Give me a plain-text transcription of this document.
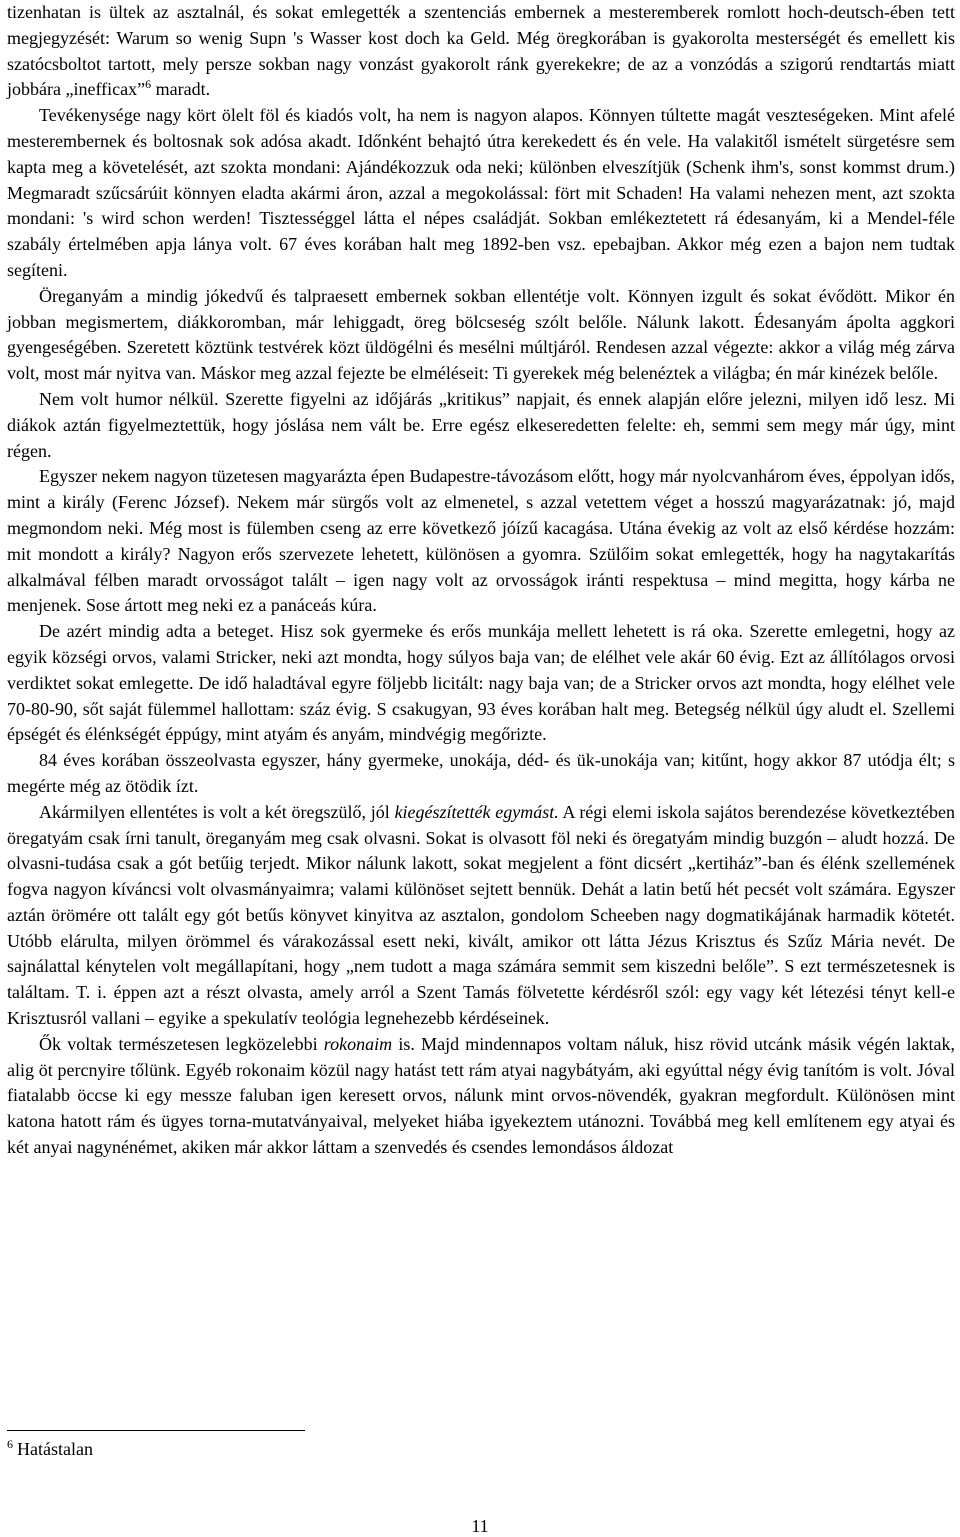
tizenhatan is ültek az asztalnál, és sokat emlegették a szentenciás embernek a mesteremberek romlott hoch-deutsch-ében tett megjegyzését: Warum so wenig Supn 's Wasser kost doch ka Geld. Még öregkorában is gyakorolta mesterségét és emellett kis szatócsboltot tartott, mely persze sokban nagy vonzást gyakorolt ránk gyerekekre; de az a vonzódás a szigorú rendtartás miatt jobbára „inefficax”$^6$ maradt.

Tevékenysége nagy kört ölelt föl és kiadós volt, ha nem is nagyon alapos. Könnyen túltette magát veszteségeken. Mint afelé mesterembernek és boltosnak sok adósa akadt. Időnként behajtó útra kerekedett és én vele. Ha valakitől ismételt sürgetésre sem kapta meg a követelését, azt szokta mondani: Ajándékozzuk oda neki; különben elveszítjük (Schenk ihm's, sonst kommst drum.) Megmaradt szűcsárúit könnyen eladta akármi áron, azzal a megokolással: fört mit Schaden! Ha valami nehezen ment, azt szokta mondani: 's wird schon werden! Tisztességgel látta el népes családját. Sokban emlékeztetett rá édesanyám, ki a Mendel-féle szabály értelmében apja lánya volt. 67 éves korában halt meg 1892-ben vsz. epebajban. Akkor még ezen a bajon nem tudtak segíteni.

Öreganyám a mindig jókedvű és talpraesett embernek sokban ellentétje volt. Könnyen izgult és sokat évődött. Mikor én jobban megismertem, diákkoromban, már lehiggadt, öreg bölcseség szólt belőle. Nálunk lakott. Édesanyám ápolta aggkori gyengeségében. Szeretett köztünk testvérek közt üldögélni és mesélni múltjáról. Rendesen azzal végezte: akkor a világ még zárva volt, most már nyitva van. Máskor meg azzal fejezte be elméléseit: Ti gyerekek még belenéztek a világba; én már kinézek belőle.

Nem volt humor nélkül. Szerette figyelni az időjárás „kritikus” napjait, és ennek alapján előre jelezni, milyen idő lesz. Mi diákok aztán figyelmeztettük, hogy jóslása nem vált be. Erre egész elkeseredetten felelte: eh, semmi sem megy már úgy, mint régen.

Egyszer nekem nagyon tüzetesen magyarázta épen Budapestre-távozásom előtt, hogy már nyolcvanhárom éves, éppolyan idős, mint a király (Ferenc József). Nekem már sürgős volt az elmenetel, s azzal vetettem véget a hosszú magyarázatnak: jó, majd megmondom neki. Még most is fülemben cseng az erre következő jóízű kacagása. Utána évekig az volt az első kérdése hozzám: mit mondott a király? Nagyon erős szervezete lehetett, különösen a gyomra. Szülőim sokat emlegették, hogy ha nagytakarítás alkalmával félben maradt orvosságot talált – igen nagy volt az orvosságok iránti respektusa – mind megitta, hogy kárba ne menjenek. Sose ártott meg neki ez a panáceás kúra.

De azért mindig adta a beteget. Hisz sok gyermeke és erős munkája mellett lehetett is rá oka. Szerette emlegetni, hogy az egyik községi orvos, valami Stricker, neki azt mondta, hogy súlyos baja van; de elélhet vele akár 60 évig. Ezt az állítólagos orvosi verdiktet sokat emlegette. De idő haladtával egyre följebb licitált: nagy baja van; de a Stricker orvos azt mondta, hogy elélhet vele 70-80-90, sőt saját fülemmel hallottam: száz évig. S csakugyan, 93 éves korában halt meg. Betegség nélkül úgy aludt el. Szellemi épségét és élénkségét éppúgy, mint atyám és anyám, mindvégig megőrizte.

84 éves korában összeolvasta egyszer, hány gyermeke, unokája, déd- és ük-unokája van; kitűnt, hogy akkor 87 utódja élt; s megérte még az ötödik ízt.

Akármilyen ellentétes is volt a két öregszülő, jól kiegészítették egymást. A régi elemi iskola sajátos berendezése következtében öregatyám csak írni tanult, öreganyám meg csak olvasni. Sokat is olvasott föl neki és öregatyám mindig buzgón – aludt hozzá. De olvasni-tudása csak a gót betűig terjedt. Mikor nálunk lakott, sokat megjelent a fönt dicsért „kertiház”-ban és élénk szellemének fogva nagyon kíváncsi volt olvasmányaimra; valami különöset sejtett bennük. Dehát a latin betű hét pecsét volt számára. Egyszer aztán örömére ott talált egy gót betűs könyvet kinyitva az asztalon, gondolom Scheeben nagy dogmatikájának harmadik kötetét. Utóbb elárulta, milyen örömmel és várakozással esett neki, kivált, amikor ott látta Jézus Krisztus és Szűz Mária nevét. De sajnálattal kénytelen volt megállapítani, hogy „nem tudott a maga számára semmit sem kiszedni belőle”. S ezt természetesnek is találtam. T. i. éppen azt a részt olvasta, amely arról a Szent Tamás fölvetette kérdésről szól: egy vagy két létezési tényt kell-e Krisztusról vallani – egyike a spekulatív teológia legnehezebb kérdéseinek.

Ők voltak természetesen legközelebbi rokonaim is. Majd mindennapos voltam náluk, hisz rövid utcánk másik végén laktak, alig öt percnyire tőlünk. Egyéb rokonaim közül nagy hatást tett rám atyai nagybátyám, aki egyúttal négy évig tanítóm is volt. Jóval fiatalabb öccse ki egy messze faluban igen keresett orvos, nálunk mint orvos-növendék, gyakran megfordult. Különösen mint katona hatott rám és ügyes torna-mutatványaival, melyeket hiába igyekeztem utánozni. Továbbá meg kell említenem egy atyai és két anyai nagynénémet, akiken már akkor láttam a szenvedés és csendes lemondásos áldozat

$^6$ Hatástalan
11
